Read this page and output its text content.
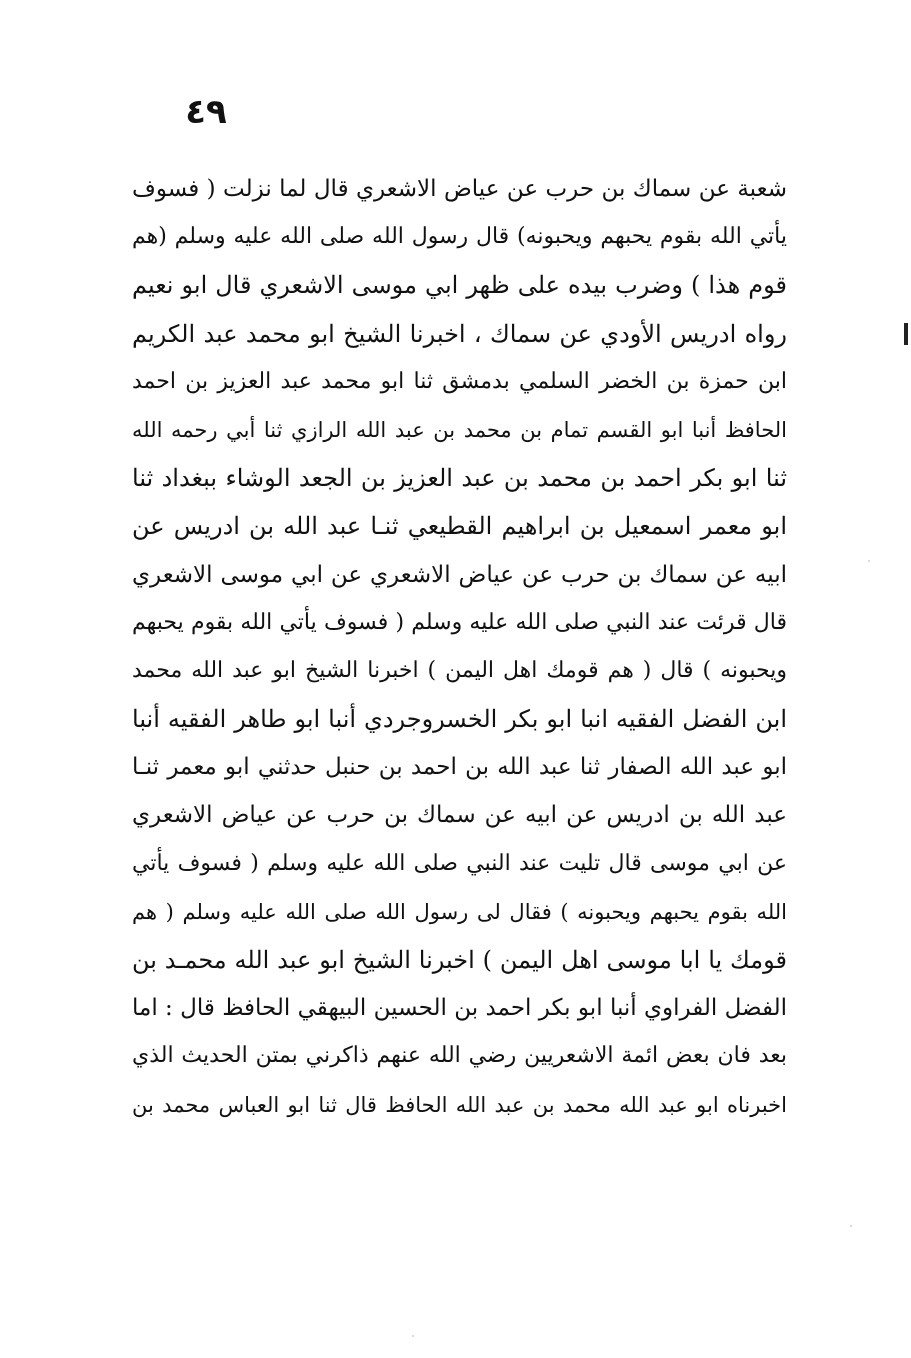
٤٩
شعبة عن سماك بن حرب عن عياض الاشعري قال لما نزلت ( فسوف
يأتي الله بقوم يحبهم ويحبونه) قال رسول الله صلى الله عليه وسلم (هم
قوم هذا ) وضرب بيده على ظهر ابي موسى الاشعري قال ابو نعيم
رواه ادريس الأودي عن سماك ، اخبرنا الشيخ ابو محمد عبد الكريم
ابن حمزة بن الخضر السلمي بدمشق ثنا ابو محمد عبد العزيز بن احمد
الحافظ أنبا ابو القسم تمام بن محمد بن عبد الله الرازي ثنا أبي رحمه الله
ثنا ابو بكر احمد بن محمد بن عبد العزيز بن الجعد الوشاء ببغداد ثنا
ابو معمر اسمعيل بن ابراهيم القطيعي ثنـا عبد الله بن ادريس عن
ابيه عن سماك بن حرب عن عياض الاشعري عن ابي موسى الاشعري
قال قرئت عند النبي صلى الله عليه وسلم ( فسوف يأتي الله بقوم يحبهم
ويحبونه ) قال ( هم قومك اهل اليمن ) اخبرنا الشيخ ابو عبد الله محمد
ابن الفضل الفقيه انبا ابو بكر الخسروجردي أنبا ابو طاهر الفقيه أنبا
ابو عبد الله الصفار ثنا عبد الله بن احمد بن حنبل حدثني ابو معمر ثنـا
عبد الله بن ادريس عن ابيه عن سماك بن حرب عن عياض الاشعري
عن ابي موسى قال تليت عند النبي صلى الله عليه وسلم ( فسوف يأتي
الله بقوم يحبهم ويحبونه ) فقال لى رسول الله صلى الله عليه وسلم ( هم
قومك يا ابا موسى اهل اليمن ) اخبرنا الشيخ ابو عبد الله محمـد بن
الفضل الفراوي أنبا ابو بكر احمد بن الحسين البيهقي الحافظ قال : اما
بعد فان بعض ائمة الاشعريين رضي الله عنهم ذاكرني بمتن الحديث الذي
اخبرناه ابو عبد الله محمد بن عبد الله الحافظ قال ثنا ابو العباس محمد بن
